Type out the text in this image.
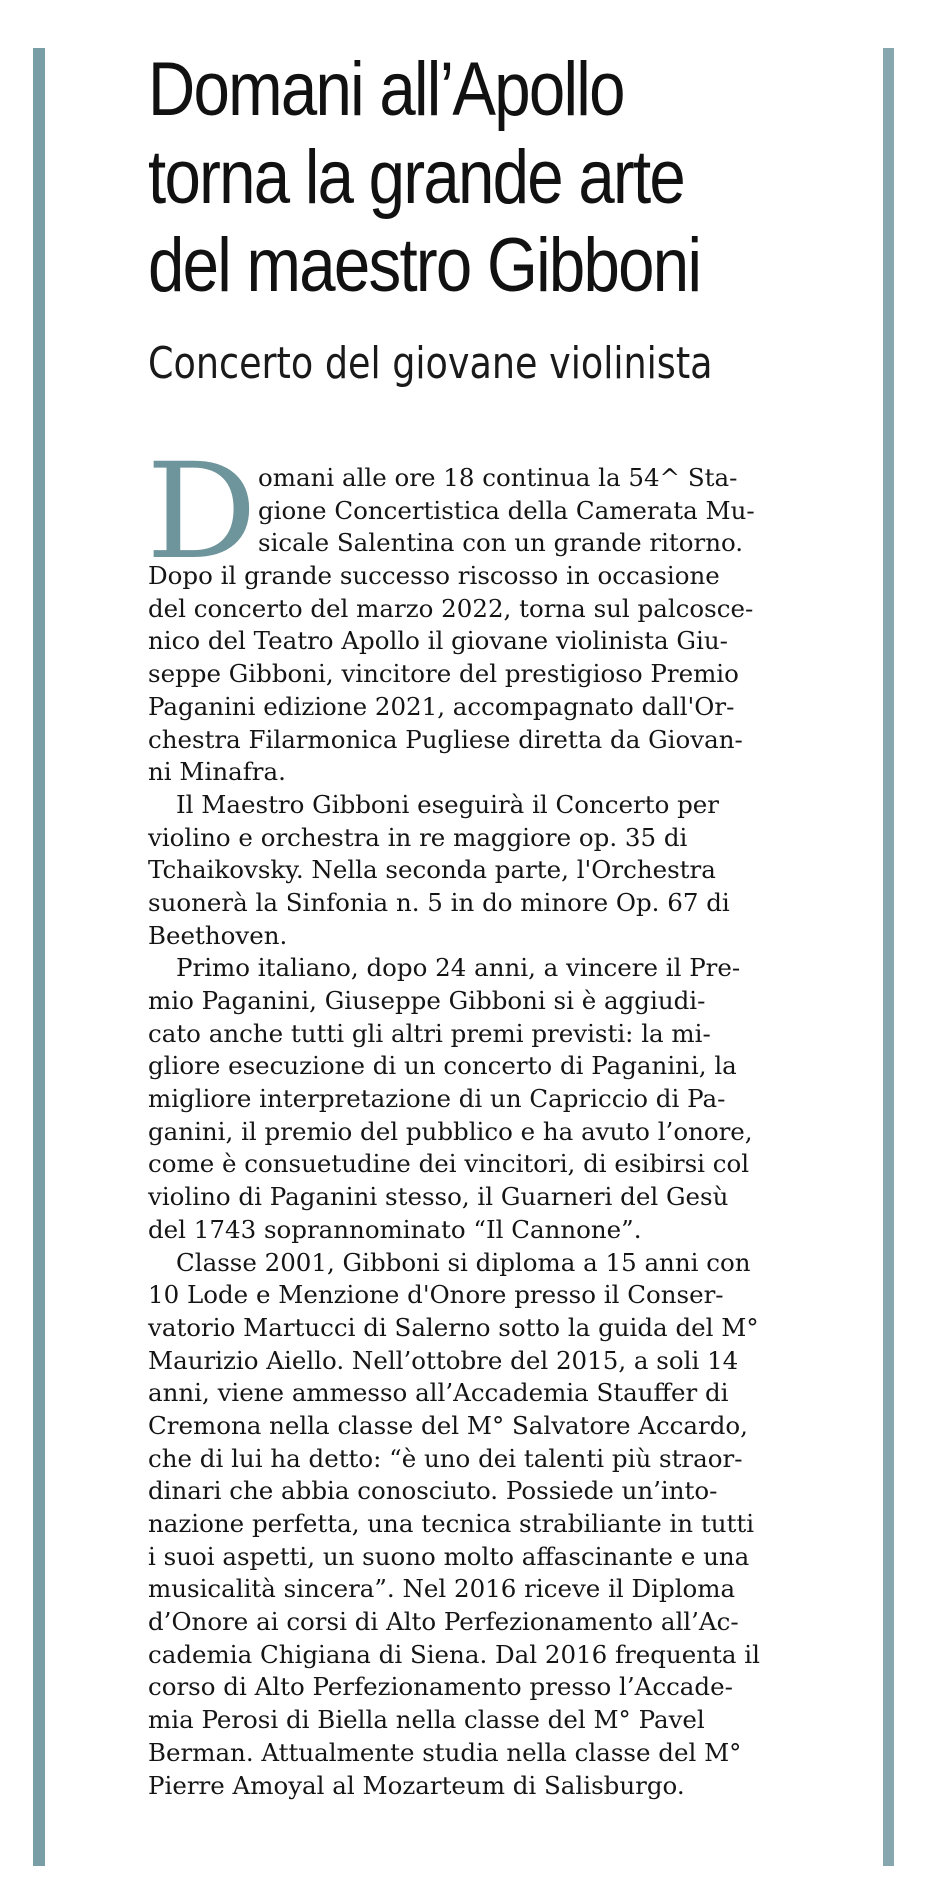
Domani all’Apollo
torna la grande arte
del maestro Gibboni
Concerto del giovane violinista
D omani alle ore 18 continua la 54^ Sta-
gione Concertistica della Camerata Mu-
sicale Salentina con un grande ritorno.
Dopo il grande successo riscosso in occasione
del concerto del marzo 2022, torna sul palcosce-
nico del Teatro Apollo il giovane violinista Giu-
seppe Gibboni, vincitore del prestigioso Premio
Paganini edizione 2021, accompagnato dall'Or-
chestra Filarmonica Pugliese diretta da Giovan-
ni Minafra.
Il Maestro Gibboni eseguirà il Concerto per
violino e orchestra in re maggiore op. 35 di
Tchaikovsky. Nella seconda parte, l'Orchestra
suonerà la Sinfonia n. 5 in do minore Op. 67 di
Beethoven.
Primo italiano, dopo 24 anni, a vincere il Pre-
mio Paganini, Giuseppe Gibboni si è aggiudi-
cato anche tutti gli altri premi previsti: la mi-
gliore esecuzione di un concerto di Paganini, la
migliore interpretazione di un Capriccio di Pa-
ganini, il premio del pubblico e ha avuto l’onore,
come è consuetudine dei vincitori, di esibirsi col
violino di Paganini stesso, il Guarneri del Gesù
del 1743 soprannominato “Il Cannone”.
Classe 2001, Gibboni si diploma a 15 anni con
10 Lode e Menzione d'Onore presso il Conser-
vatorio Martucci di Salerno sotto la guida del M°
Maurizio Aiello. Nell’ottobre del 2015, a soli 14
anni, viene ammesso all’Accademia Stauffer di
Cremona nella classe del M° Salvatore Accardo,
che di lui ha detto: “è uno dei talenti più straor-
dinari che abbia conosciuto. Possiede un’into-
nazione perfetta, una tecnica strabiliante in tutti
i suoi aspetti, un suono molto affascinante e una
musicalità sincera”. Nel 2016 riceve il Diploma
d’Onore ai corsi di Alto Perfezionamento all’Ac-
cademia Chigiana di Siena. Dal 2016 frequenta il
corso di Alto Perfezionamento presso l’Accade-
mia Perosi di Biella nella classe del M° Pavel
Berman. Attualmente studia nella classe del M°
Pierre Amoyal al Mozarteum di Salisburgo.
